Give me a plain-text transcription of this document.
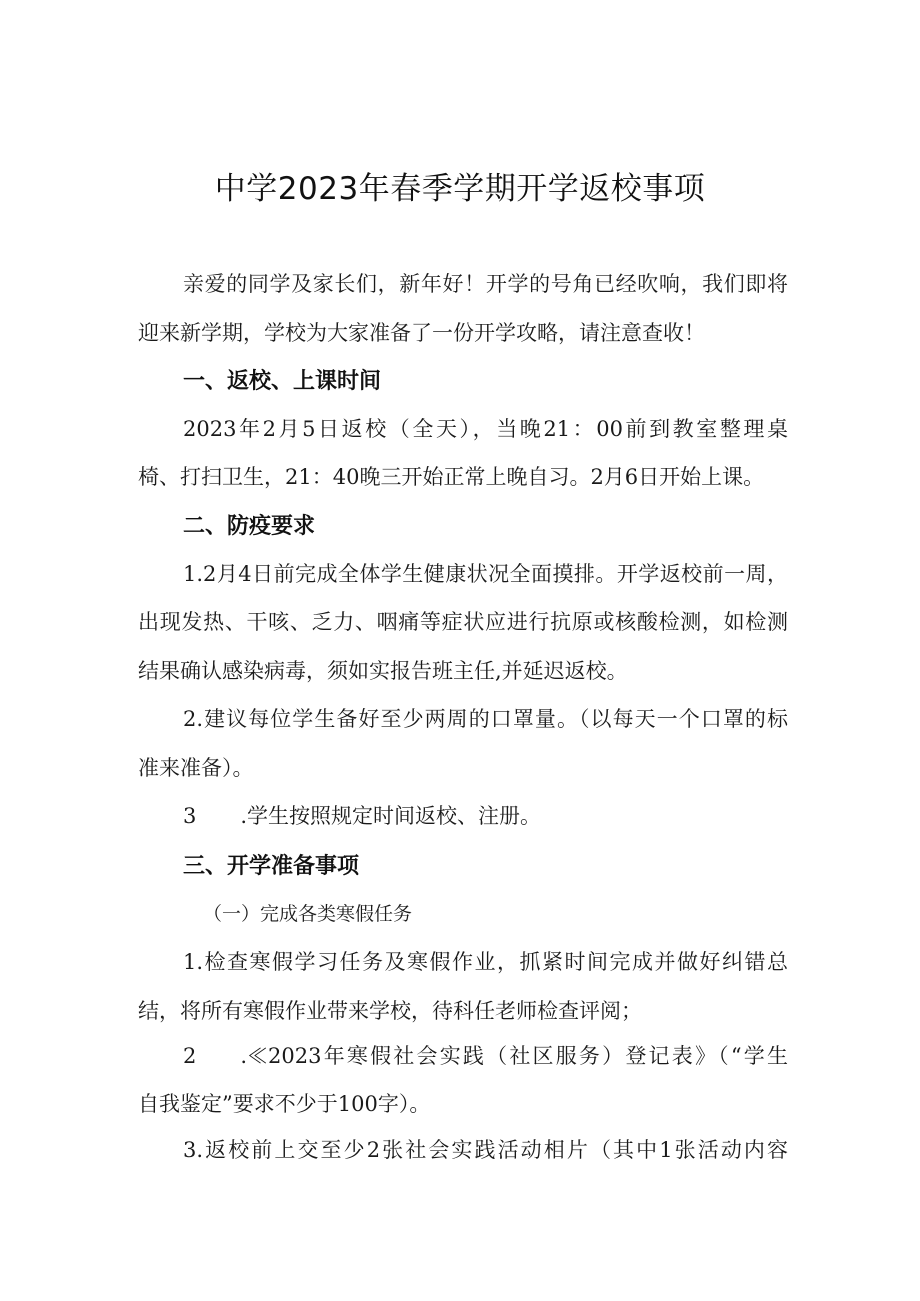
中学2023年春季学期开学返校事项

亲爱的同学及家长们，新年好！开学的号角已经吹响，我们即将

迎来新学期，学校为大家准备了一份开学攻略，请注意查收！

一、返校、上课时间

2023年2月5日返校（全天），当晚21：00前到教室整理桌

椅、打扫卫生，21：40晚三开始正常上晚自习。2月6日开始上课。

二、防疫要求

1.2月4日前完成全体学生健康状况全面摸排。开学返校前一周，

出现发热、干咳、乏力、咽痛等症状应进行抗原或核酸检测，如检测

结果确认感染病毒，须如实报告班主任,并延迟返校。

2.建议每位学生备好至少两周的口罩量。（以每天一个口罩的标

准来准备）。

3 .学生按照规定时间返校、注册。

三、开学准备事项

（一）完成各类寒假任务

1.检查寒假学习任务及寒假作业，抓紧时间完成并做好纠错总

结，将所有寒假作业带来学校，待科任老师检查评阅；

2 .≪2023年寒假社会实践（社区服务）登记表》（“学生

自我鉴定”要求不少于100字）。

3.返校前上交至少2张社会实践活动相片（其中1张活动内容
